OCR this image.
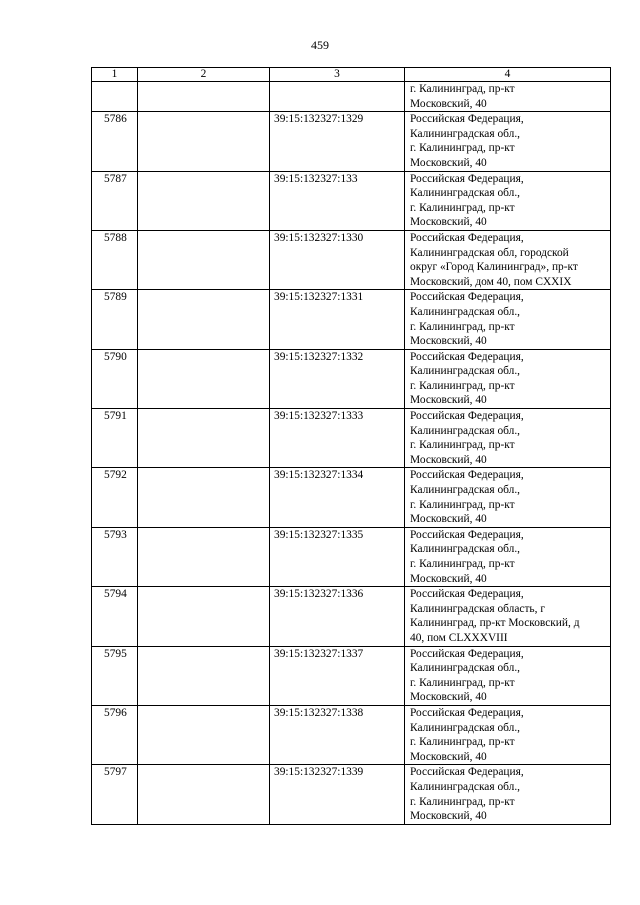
459
1	2	3	4
			г. Калининград, пр-кт
Московский, 40
5786		39:15:132327:1329	Российская Федерация,
Калининградская обл.,
г. Калининград, пр-кт
Московский, 40
5787		39:15:132327:133	Российская Федерация,
Калининградская обл.,
г. Калининград, пр-кт
Московский, 40
5788		39:15:132327:1330	Российская Федерация,
Калининградская обл, городской
округ «Город Калининград», пр-кт
Московский, дом 40, пом CXXIX
5789		39:15:132327:1331	Российская Федерация,
Калининградская обл.,
г. Калининград, пр-кт
Московский, 40
5790		39:15:132327:1332	Российская Федерация,
Калининградская обл.,
г. Калининград, пр-кт
Московский, 40
5791		39:15:132327:1333	Российская Федерация,
Калининградская обл.,
г. Калининград, пр-кт
Московский, 40
5792		39:15:132327:1334	Российская Федерация,
Калининградская обл.,
г. Калининград, пр-кт
Московский, 40
5793		39:15:132327:1335	Российская Федерация,
Калининградская обл.,
г. Калининград, пр-кт
Московский, 40
5794		39:15:132327:1336	Российская Федерация,
Калининградская область, г
Калининград, пр-кт Московский, д
40, пом CLXXXVIII
5795		39:15:132327:1337	Российская Федерация,
Калининградская обл.,
г. Калининград, пр-кт
Московский, 40
5796		39:15:132327:1338	Российская Федерация,
Калининградская обл.,
г. Калининград, пр-кт
Московский, 40
5797		39:15:132327:1339	Российская Федерация,
Калининградская обл.,
г. Калининград, пр-кт
Московский, 40
